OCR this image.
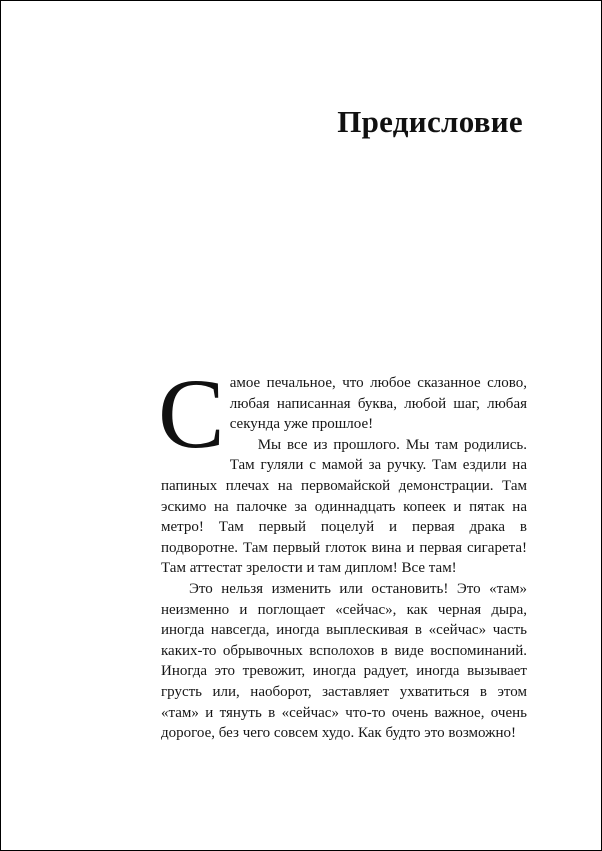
Предисловие
С амое печальное, что любое сказанное слово, любая написанная буква, любой шаг, любая секунда уже прошлое!

Мы все из прошлого. Мы там родились. Там гуляли с мамой за ручку. Там ездили на папиных плечах на первомайской демонстрации. Там эскимо на палочке за одиннадцать копеек и пятак на метро! Там первый поцелуй и первая драка в подворотне. Там первый глоток вина и первая сигарета! Там аттестат зрелости и там диплом! Все там!

Это нельзя изменить или остановить! Это «там» неизменно и поглощает «сейчас», как черная дыра, иногда навсегда, иногда выплескивая в «сейчас» часть каких-то обрывочных всполохов в виде воспоминаний. Иногда это тревожит, иногда радует, иногда вызывает грусть или, наоборот, заставляет ухватиться в этом «там» и тянуть в «сейчас» что-то очень важное, очень дорогое, без чего совсем худо. Как будто это возможно!
